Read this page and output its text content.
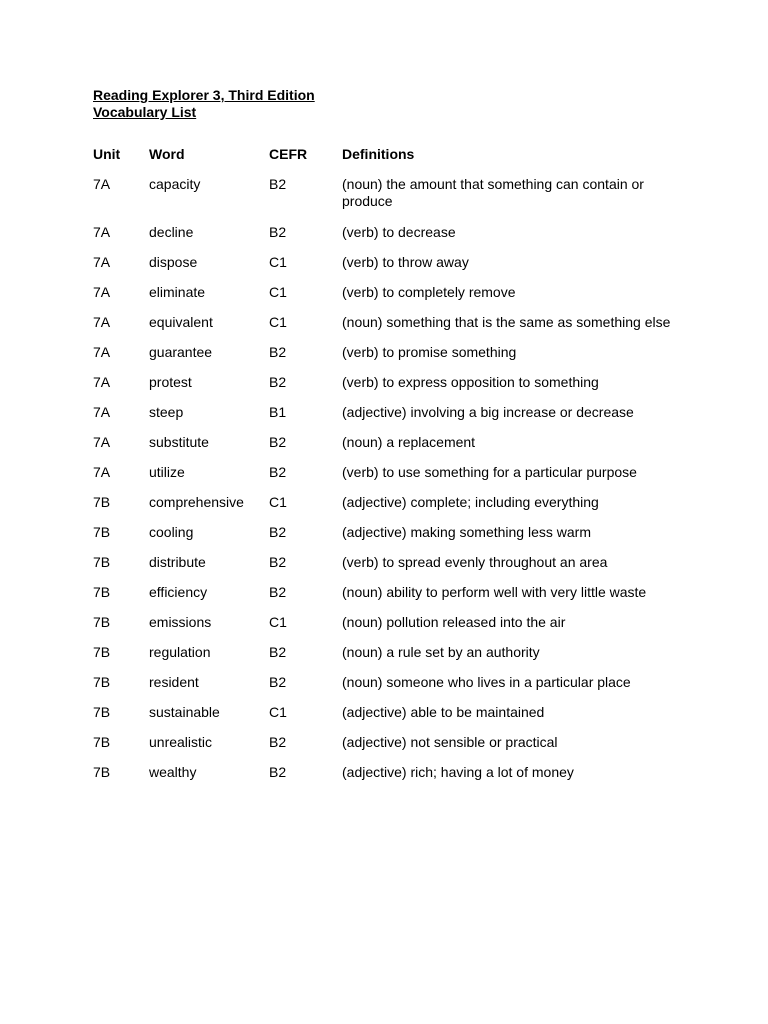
Reading Explorer 3, Third Edition
Vocabulary List
Unit	Word	CEFR	Definitions
7A	capacity	B2	(noun) the amount that something can contain or produce
7A	decline	B2	(verb) to decrease
7A	dispose	C1	(verb) to throw away
7A	eliminate	C1	(verb) to completely remove
7A	equivalent	C1	(noun) something that is the same as something else
7A	guarantee	B2	(verb) to promise something
7A	protest	B2	(verb) to express opposition to something
7A	steep	B1	(adjective) involving a big increase or decrease
7A	substitute	B2	(noun) a replacement
7A	utilize	B2	(verb) to use something for a particular purpose
7B	comprehensive	C1	(adjective) complete; including everything
7B	cooling	B2	(adjective) making something less warm
7B	distribute	B2	(verb) to spread evenly throughout an area
7B	efficiency	B2	(noun) ability to perform well with very little waste
7B	emissions	C1	(noun) pollution released into the air
7B	regulation	B2	(noun) a rule set by an authority
7B	resident	B2	(noun) someone who lives in a particular place
7B	sustainable	C1	(adjective) able to be maintained
7B	unrealistic	B2	(adjective) not sensible or practical
7B	wealthy	B2	(adjective) rich; having a lot of money
